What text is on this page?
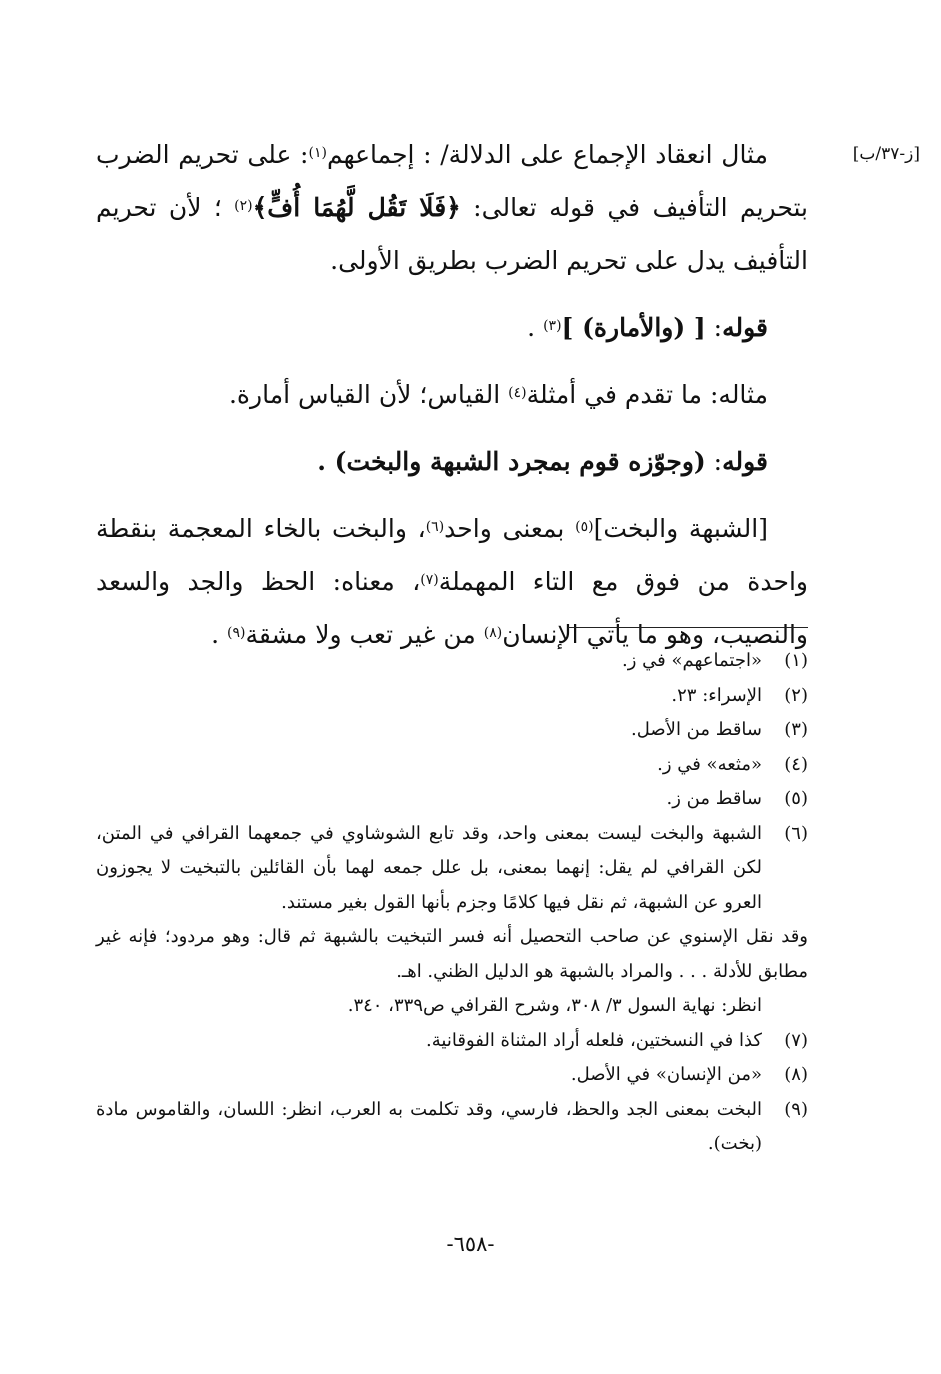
[ز-٣٧/ب]

مثال انعقاد الإجماع على الدلالة/ : إجماعهم$^{(١)}$: على تحريم الضرب بتحريم التأفيف في قوله تعالى: ﴿فَلَا تَقُل لَّهُمَا أُفٍّ﴾$^{(٢)}$ ؛ لأن تحريم التأفيف يدل على تحريم الضرب بطريق الأولى.

قوله: [ (والأمارة) ]$^{(٣)}$ .

مثاله: ما تقدم في أمثلة$^{(٤)}$ القياس؛ لأن القياس أمارة.

قوله: (وجوّزه قوم بمجرد الشبهة والبخت) .

[الشبهة والبخت]$^{(٥)}$ بمعنى واحد$^{(٦)}$، والبخت بالخاء المعجمة بنقطة واحدة من فوق مع التاء المهملة$^{(٧)}$، معناه: الحظ والجد والسعد والنصيب، وهو ما يأتي الإنسان$^{(٨)}$ من غير تعب ولا مشقة$^{(٩)}$ .

(١)
«اجتماعهم» في ز.

(٢)
الإسراء: ٢٣.

(٣)
ساقط من الأصل.

(٤)
«مثعه» في ز.

(٥)
ساقط من ز.

(٦)
الشبهة والبخت ليست بمعنى واحد، وقد تابع الشوشاوي في جمعهما القرافي في المتن، لكن القرافي لم يقل: إنهما بمعنى، بل علل جمعه لهما بأن القائلين بالتبخيت لا يجوزون العرو عن الشبهة، ثم نقل فيها كلامًا وجزم بأنها القول بغير مستند.

وقد نقل الإسنوي عن صاحب التحصيل أنه فسر التبخيت بالشبهة ثم قال: وهو مردود؛ فإنه غير مطابق للأدلة . . . والمراد بالشبهة هو الدليل الظني. اهـ.

انظر: نهاية السول ٣/ ٣٠٨، وشرح القرافي ص٣٣٩، ٣٤٠.

(٧)
كذا في النسختين، فلعله أراد المثناة الفوقانية.

(٨)
«من الإنسان» في الأصل.

(٩)
البخت بمعنى الجد والحظ، فارسي، وقد تكلمت به العرب، انظر: اللسان، والقاموس مادة (بخت).

-٦٥٨-
